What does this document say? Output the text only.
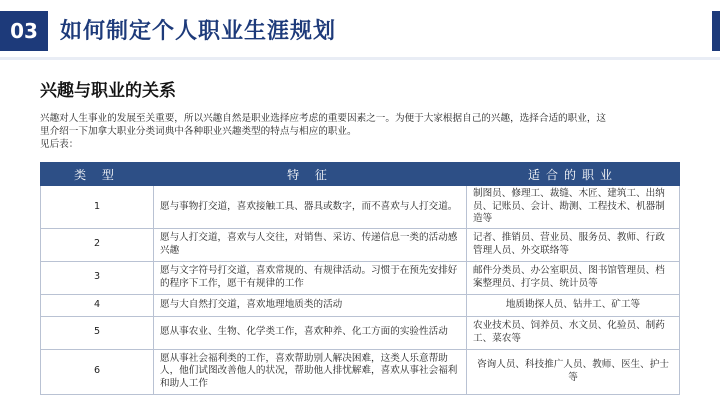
03	如何制定个人职业生涯规划
兴趣与职业的关系
兴趣对人生事业的发展至关重要，所以兴趣自然是职业选择应考虑的重要因素之一。为便于大家根据自己的兴趣，选择合适的职业，这
里介绍一下加拿大职业分类词典中各种职业兴趣类型的特点与相应的职业。
见后表：
类 型	特 征	适合的职业
1	愿与事物打交道，喜欢接触工具、器具或数字，而不喜欢与人打交道。	制图员、修理工、裁缝、木匠、建筑工、出纳员、记账员、会计、勘测、工程技术、机器制造等
2	愿与人打交道，喜欢与人交往，对销售、采访、传递信息一类的活动感兴趣	记者、推销员、营业员、服务员、教师、行政管理人员、外交联络等
3	愿与文字符号打交道，喜欢常规的、有规律活动。习惯于在预先安排好的程序下工作，愿干有规律的工作	邮件分类员、办公室职员、图书馆管理员、档案整理员、打字员、统计员等
4	愿与大自然打交道，喜欢地理地质类的活动	地质勘探人员、钻井工、矿工等
5	愿从事农业、生物、化学类工作，喜欢种养、化工方面的实验性活动	农业技术员、饲养员、水文员、化验员、制药工、菜农等
6	愿从事社会福利类的工作，喜欢帮助别人解决困难，这类人乐意帮助人，他们试图改善他人的状况，帮助他人排忧解难，喜欢从事社会福利和助人工作	咨询人员、科技推广人员、教师、医生、护士等
